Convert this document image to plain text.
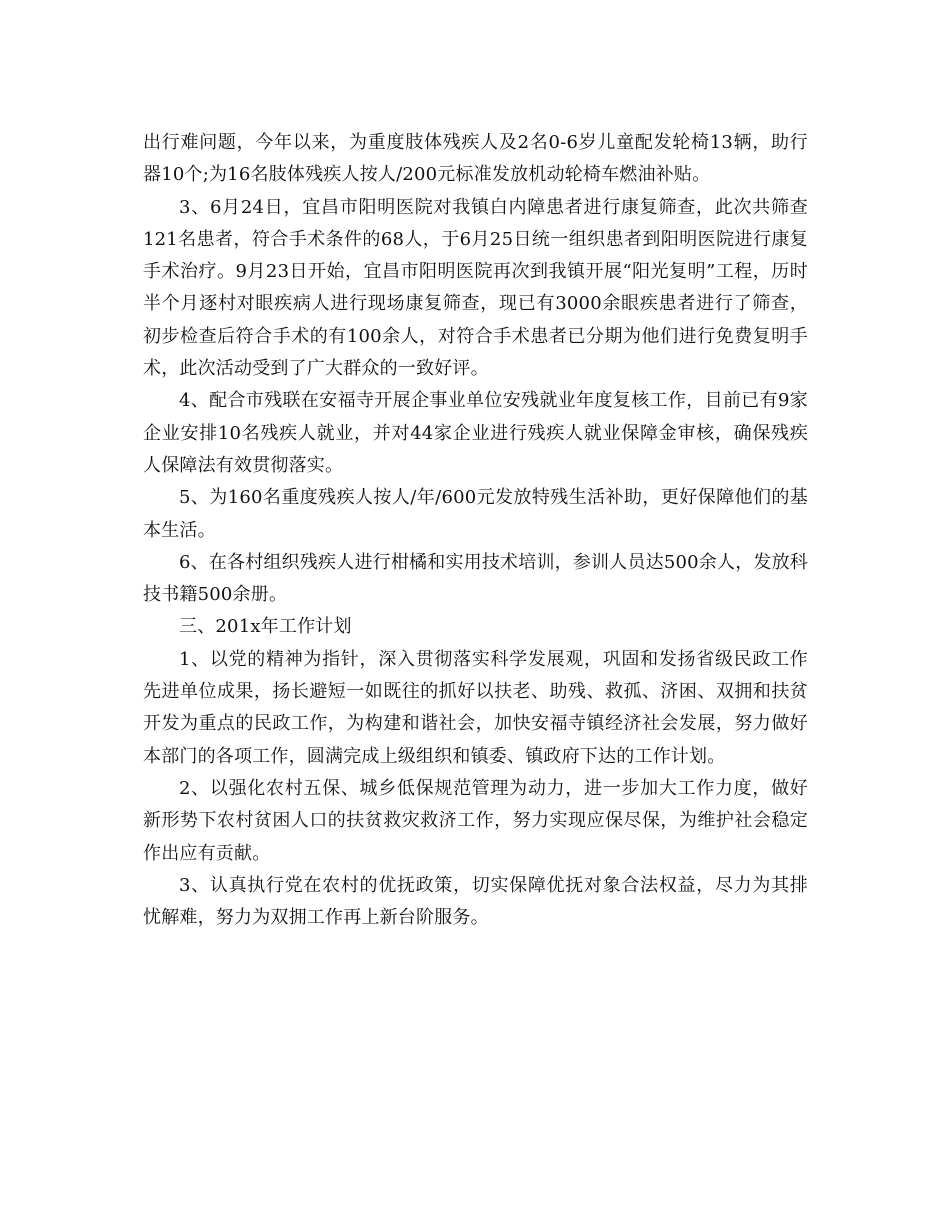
出行难问题，今年以来，为重度肢体残疾人及2名0-6岁儿童配发轮椅13辆，助行器10个;为16名肢体残疾人按人/200元标准发放机动轮椅车燃油补贴。

3、6月24日，宜昌市阳明医院对我镇白内障患者进行康复筛查，此次共筛查121名患者，符合手术条件的68人，于6月25日统一组织患者到阳明医院进行康复手术治疗。9月23日开始，宜昌市阳明医院再次到我镇开展“阳光复明”工程，历时半个月逐村对眼疾病人进行现场康复筛查，现已有3000余眼疾患者进行了筛查，初步检查后符合手术的有100余人，对符合手术患者已分期为他们进行免费复明手术，此次活动受到了广大群众的一致好评。

4、配合市残联在安福寺开展企事业单位安残就业年度复核工作，目前已有9家企业安排10名残疾人就业，并对44家企业进行残疾人就业保障金审核，确保残疾人保障法有效贯彻落实。

5、为160名重度残疾人按人/年/600元发放特残生活补助，更好保障他们的基本生活。

6、在各村组织残疾人进行柑橘和实用技术培训，参训人员达500余人，发放科技书籍500余册。

三、201x年工作计划

1、以党的精神为指针，深入贯彻落实科学发展观，巩固和发扬省级民政工作先进单位成果，扬长避短一如既往的抓好以扶老、助残、救孤、济困、双拥和扶贫开发为重点的民政工作，为构建和谐社会，加快安福寺镇经济社会发展，努力做好本部门的各项工作，圆满完成上级组织和镇委、镇政府下达的工作计划。

2、以强化农村五保、城乡低保规范管理为动力，进一步加大工作力度，做好新形势下农村贫困人口的扶贫救灾救济工作，努力实现应保尽保，为维护社会稳定作出应有贡献。

3、认真执行党在农村的优抚政策，切实保障优抚对象合法权益，尽力为其排忧解难，努力为双拥工作再上新台阶服务。
